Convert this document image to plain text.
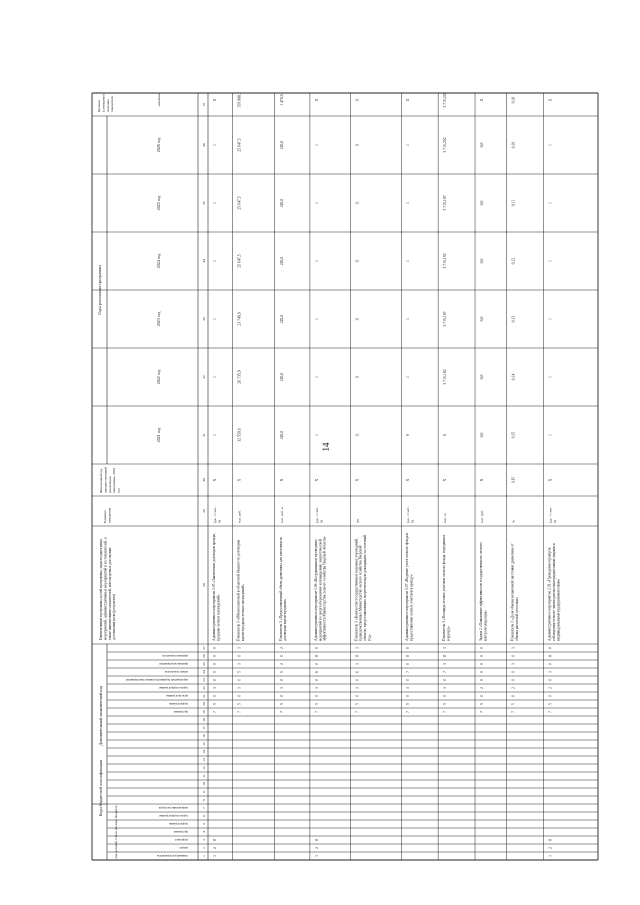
Коды бюджетной классификации
код целевой статьи расхода бюджета
Дополнительный аналитический код
Наименование программы, целей программы, задач подпрограмм,мероприятий, административных мероприятий и их показателей, атакже наименование показателей, используемых для оценкидостижения цели (результата)
Единицаизмерения
Финансовый год,предшествующийреализациипрограммы, 2020год
Годы реализации программы
Целевое(суммарное)значениепоказателя	значение
2021 год
2022 год
2023 год
2024 год
2025 год
2026 год
главный распорядитель
раздел
подраздел
программа
подпрограмма
задача подпрограммы
направление расходов
программа
подпрограмма
цель программы
задача подпрограммы
мероприятие (административное мероприятие)
номер показателя
признак мероприятия
признак показателя
1
2
3
4
5
6
7
8
9
10
11
12
13
14
15
16
17
18
19
20
21
22
23
24
25
26
27
28
29
30
31
32
33
34
35
36
37
3
2
8
7
5
0
1
0
5
0
0
0
Административное мероприятие 1.05 «Заключение договоров аренды,продажи лесных насаждений»
(да - 1/ нет -0)
X
1
1
1
1
1
1
X
7
5
0
1
0
5
1
0
1
Показатель 1 «Объем платежей в областной бюджет по договорамкупли-продажи лесных насаждений»
тыс. руб.
X
32 559,6
26 735,9
23 749,9
25 647,5
25 647,5
25 647,5
159 988,1
7
5
0
1
0
5
2
0
2
Показатель 2 «Предоставленный объем древесины для заготовки подоговорам купли-продажи»
тыс. куб. м
X
245,0
245,0
245,0
245,0
245,0
245,0
1 470,0
3
2
8
7
5
0
1
0
6
0
8
0
Административное мероприятие 1.06 «Координация и проведениемероприятий по энергосбережению и повышению энергетическойэффективности Министерства лесного хозяйства Тверской области»
(да - 1/ нет -0)
X
1
1
1
1
1
1
X
7
5
0
1
0
6
1
8
1
Показатель 1 «Количество государственных казенных учреждений,подведомственных Министерству лесного хозяйства Тверскойобласти, предоставляющих энергетическую декларацию за отчетныйгод»
шт.
X
11
11
11
11
11
11
11
7
5
0
1
0
7
0
8
0
Административное мероприятие 1.07 «Ведение учета лесного фонда ипредоставление лесных участков в аренду»
(да - 1/ нет -0)
X
0
1
1
1
1
1
X
7
5
0
1
0
7
1
8
1
Показатель 1 «Площадь лесных участков лесного фонда, переданныхв аренду»
тыс. га
X
0
3 715,182
3 715,187
3 715,192
3 715,197
3 715,202
3 715,202
7
5
0
2
0
0
0
0
0
Задача 2 «Повышение эффективности государственного лесногоконтроля (надзора)»
тыс. руб.
X
0,0
0,0
0,0
0,0
0,0
0,0
X
7
5
0
2
0
0
1
0
1
Показатель 1 «Доля объема незаконной заготовки древесины отобъема расчетной лесосеки»
%
0,15
0,15
0,14
0,13
0,12
0,11
0,10
0,10
3
2
8
7
5
0
2
0
1
0
8
0
Административное мероприятие 2.01 «Проведение провероксоблюдения лесного законодательства юридическими лицами ииндивидуальными предпринимателями»
(да - 1/ нет -0)
X
1
1
1
1
1
1
X
14
